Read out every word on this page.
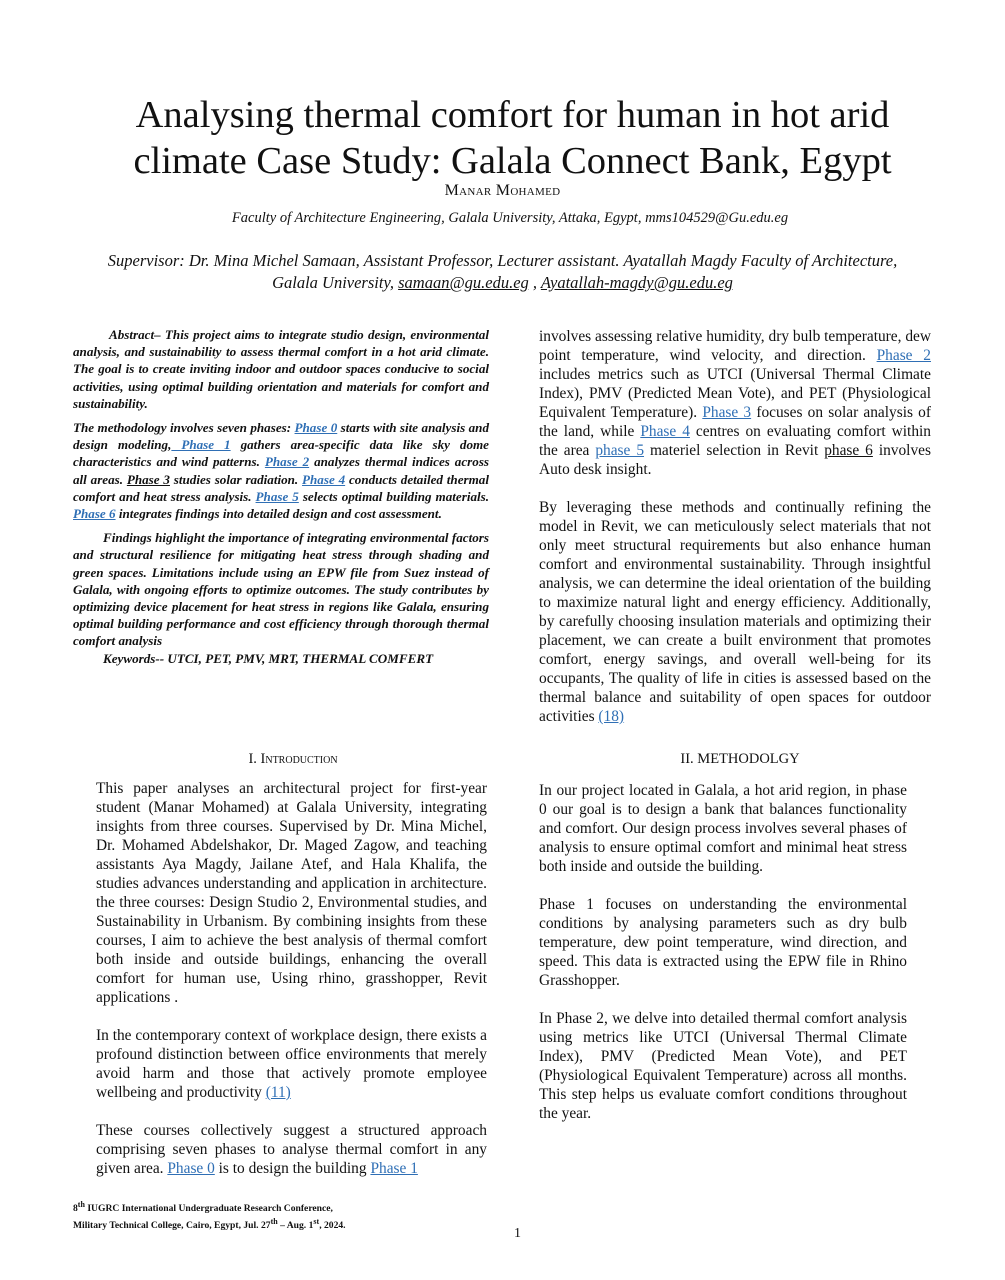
Analysing thermal comfort for human in hot arid climate Case Study: Galala Connect Bank, Egypt
Manar Mohamed
Faculty of Architecture Engineering, Galala University, Attaka, Egypt, mms104529@Gu.edu.eg
Supervisor: Dr. Mina Michel Samaan, Assistant Professor, Lecturer assistant. Ayatallah Magdy Faculty of Architecture, Galala University, samaan@gu.edu.eg , Ayatallah-magdy@gu.edu.eg

Abstract– This project aims to integrate studio design, environmental analysis, and sustainability to assess thermal comfort in a hot arid climate. The goal is to create inviting indoor and outdoor spaces conducive to social activities, using optimal building orientation and materials for comfort and sustainability.

The methodology involves seven phases: Phase 0 starts with site analysis and design modeling, Phase 1 gathers area-specific data like sky dome characteristics and wind patterns. Phase 2 analyzes thermal indices across all areas. Phase 3 studies solar radiation. Phase 4 conducts detailed thermal comfort and heat stress analysis. Phase 5 selects optimal building materials. Phase 6 integrates findings into detailed design and cost assessment.

Findings highlight the importance of integrating environmental factors and structural resilience for mitigating heat stress through shading and green spaces. Limitations include using an EPW file from Suez instead of Galala, with ongoing efforts to optimize outcomes. The study contributes by optimizing device placement for heat stress in regions like Galala, ensuring optimal building performance and cost efficiency through thorough thermal comfort analysis

Keywords-- UTCI, PET, PMV, MRT, THERMAL COMFERT

involves assessing relative humidity, dry bulb temperature, dew point temperature, wind velocity, and direction. Phase 2 includes metrics such as UTCI (Universal Thermal Climate Index), PMV (Predicted Mean Vote), and PET (Physiological Equivalent Temperature). Phase 3 focuses on solar analysis of the land, while Phase 4 centres on evaluating comfort within the area phase 5 materiel selection in Revit phase 6 involves Auto desk insight.

By leveraging these methods and continually refining the model in Revit, we can meticulously select materials that not only meet structural requirements but also enhance human comfort and environmental sustainability. Through insightful analysis, we can determine the ideal orientation of the building to maximize natural light and energy efficiency. Additionally, by carefully choosing insulation materials and optimizing their placement, we can create a built environment that promotes comfort, energy savings, and overall well-being for its occupants, The quality of life in cities is assessed based on the thermal balance and suitability of open spaces for outdoor activities (18)

I. Introduction

This paper analyses an architectural project for first-year student (Manar Mohamed) at Galala University, integrating insights from three courses. Supervised by Dr. Mina Michel, Dr. Mohamed Abdelshakor, Dr. Maged Zagow, and teaching assistants Aya Magdy, Jailane Atef, and Hala Khalifa, the studies advances understanding and application in architecture. the three courses: Design Studio 2, Environmental studies, and Sustainability in Urbanism. By combining insights from these courses, I aim to achieve the best analysis of thermal comfort both inside and outside buildings, enhancing the overall comfort for human use, Using rhino, grasshopper, Revit applications .

In the contemporary context of workplace design, there exists a profound distinction between office environments that merely avoid harm and those that actively promote employee wellbeing and productivity (11)

These courses collectively suggest a structured approach comprising seven phases to analyse thermal comfort in any given area. Phase 0 is to design the building Phase 1

II. METHODOLGY

In our project located in Galala, a hot arid region, in phase 0 our goal is to design a bank that balances functionality and comfort. Our design process involves several phases of analysis to ensure optimal comfort and minimal heat stress both inside and outside the building.

Phase 1 focuses on understanding the environmental conditions by analysing parameters such as dry bulb temperature, dew point temperature, wind direction, and speed. This data is extracted using the EPW file in Rhino Grasshopper.

In Phase 2, we delve into detailed thermal comfort analysis using metrics like UTCI (Universal Thermal Climate Index), PMV (Predicted Mean Vote), and PET (Physiological Equivalent Temperature) across all months. This step helps us evaluate comfort conditions throughout the year.

8th IUGRC International Undergraduate Research Conference,
Military Technical College, Cairo, Egypt, Jul. 27th – Aug. 1st, 2024.
1
